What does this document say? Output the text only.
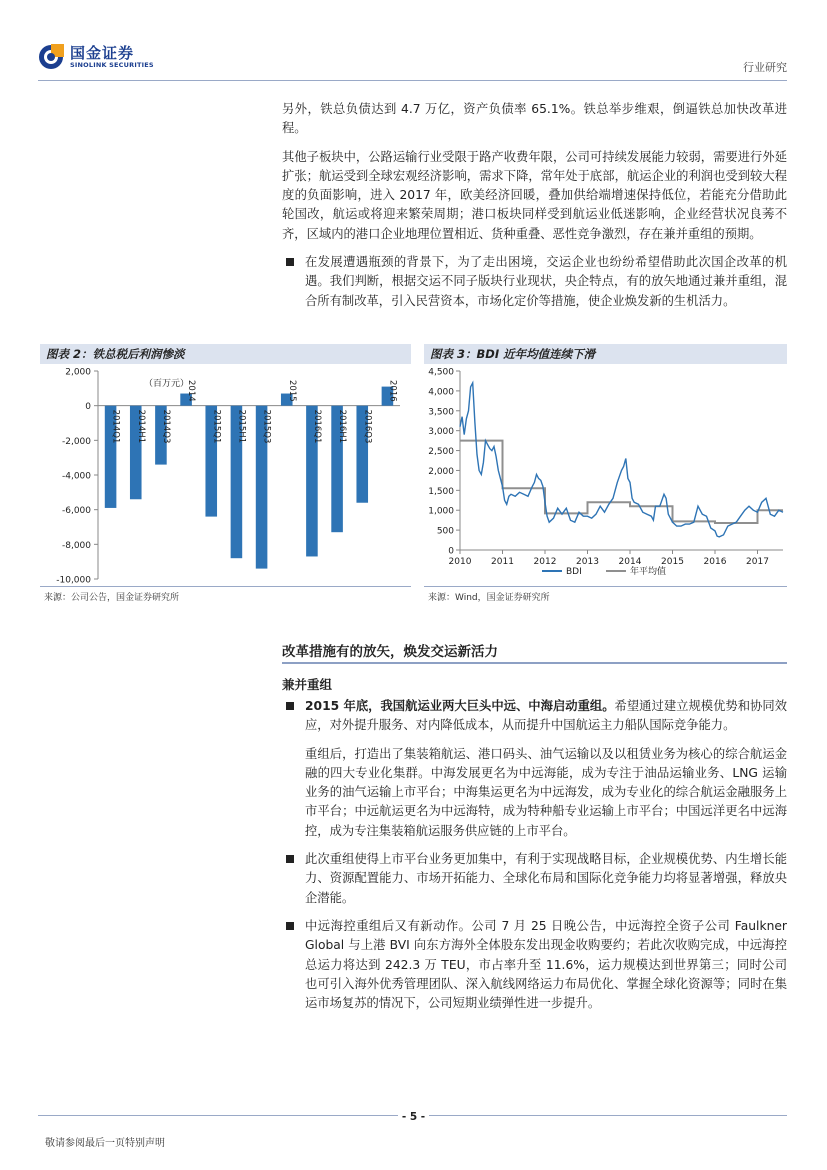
国金证券
SINOLINK SECURITIES	行业研究

另外，铁总负债达到 4.7 万亿，资产负债率 65.1%。铁总举步维艰，倒逼铁总加快改革进程。

其他子板块中，公路运输行业受限于路产收费年限，公司可持续发展能力较弱，需要进行外延扩张；航运受到全球宏观经济影响，需求下降，常年处于底部，航运企业的利润也受到较大程度的负面影响，进入 2017 年，欧美经济回暖，叠加供给端增速保持低位，若能充分借助此轮国改，航运或将迎来繁荣周期；港口板块同样受到航运业低迷影响，企业经营状况良莠不齐，区域内的港口企业地理位置相近、货种重叠、恶性竞争激烈，存在兼并重组的预期。

在发展遭遇瓶颈的背景下，为了走出困境，交运企业也纷纷希望借助此次国企改革的机遇。我们判断，根据交运不同子版块行业现状，央企特点，有的放矢地通过兼并重组，混合所有制改革，引入民营资本，市场化定价等措施，使企业焕发新的生机活力。

图表 2：铁总税后利润惨淡
2,000
0
-2,000
-4,000
-6,000
-8,000
-10,000
（百万元）
2014Q1 2014H1 2014Q3
2014
2015Q1 2015H1 2015Q3
2015
2016Q1 2016H1 2016Q3
2016
来源：公司公告，国金证券研究所
图表 3：BDI 近年均值连续下滑
4,500
4,000
3,500
3,000
2,500
2,000
1,500
1,000
500
0
2010 2011 2012 2013 2014 2015 2016 2017
BDI	年平均值
来源：Wind，国金证券研究所
改革措施有的放矢，焕发交运新活力
兼并重组

2015 年底，我国航运业两大巨头中远、中海启动重组。希望通过建立规模优势和协同效应，对外提升服务、对内降低成本，从而提升中国航运主力船队国际竞争能力。

重组后，打造出了集装箱航运、港口码头、油气运输以及以租赁业务为核心的综合航运金融的四大专业化集群。中海发展更名为中远海能，成为专注于油品运输业务、LNG 运输业务的油气运输上市平台；中海集运更名为中远海发，成为专业化的综合航运金融服务上市平台；中远航运更名为中远海特，成为特种船专业运输上市平台；中国远洋更名中远海控，成为专注集装箱航运服务供应链的上市平台。

此次重组使得上市平台业务更加集中，有利于实现战略目标，企业规模优势、内生增长能力、资源配置能力、市场开拓能力、全球化布局和国际化竞争能力均将显著增强，释放央企潜能。

中远海控重组后又有新动作。公司 7 月 25 日晚公告，中远海控全资子公司 Faulkner Global 与上港 BVI 向东方海外全体股东发出现金收购要约；若此次收购完成，中远海控总运力将达到 242.3 万 TEU，市占率升至 11.6%，运力规模达到世界第三；同时公司也可引入海外优秀管理团队、深入航线网络运力布局优化、掌握全球化资源等；同时在集运市场复苏的情况下，公司短期业绩弹性进一步提升。

- 5 -
敬请参阅最后一页特别声明
